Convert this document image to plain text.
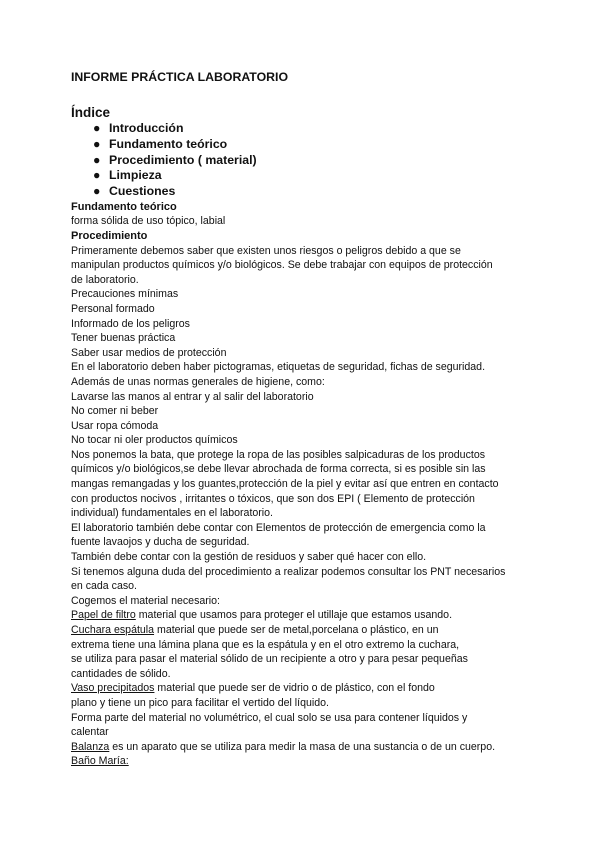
INFORME PRÁCTICA LABORATORIO

Índice

● Introducción
● Fundamento teórico
● Procedimiento ( material)
● Limpieza
● Cuestiones

Fundamento teórico

forma sólida de uso tópico, labial

Procedimiento

Primeramente debemos saber que existen unos riesgos o peligros debido a que se

manipulan productos químicos y/o biológicos. Se debe trabajar con equipos de protección

de laboratorio.

Precauciones mínimas

Personal formado

Informado de los peligros

Tener buenas práctica

Saber usar medios de protección

En el laboratorio deben haber pictogramas, etiquetas de seguridad, fichas de seguridad.

Además de unas normas generales de higiene, como:

Lavarse las manos al entrar y al salir del laboratorio

No comer ni beber

Usar ropa cómoda

No tocar ni oler productos químicos

Nos ponemos la bata, que protege la ropa de las posibles salpicaduras de los productos

químicos y/o biológicos,se debe llevar abrochada de forma correcta, si es posible sin las

mangas remangadas y los guantes,protección de la piel y evitar así que entren en contacto

con productos nocivos , irritantes o tóxicos, que son dos EPI ( Elemento de protección

individual) fundamentales en el laboratorio.

El laboratorio también debe contar con Elementos de protección de emergencia como la

fuente lavaojos y ducha de seguridad.

También debe contar con la gestión de residuos y saber qué hacer con ello.

Si tenemos alguna duda del procedimiento a realizar podemos consultar los PNT necesarios

en cada caso.

Cogemos el material necesario:

Papel de filtro material que usamos para proteger el utillaje que estamos usando.

Cuchara espátula material que puede ser de metal,porcelana o plástico, en un

extrema tiene una lámina plana que es la espátula y en el otro extremo la cuchara,

se utiliza para pasar el material sólido de un recipiente a otro y para pesar pequeñas

cantidades de sólido.

Vaso precipitados material que puede ser de vidrio o de plástico, con el fondo

plano y tiene un pico para facilitar el vertido del líquido.

Forma parte del material no volumétrico, el cual solo se usa para contener líquidos y

calentar

Balanza es un aparato que se utiliza para medir la masa de una sustancia o de un cuerpo.

Baño María:
